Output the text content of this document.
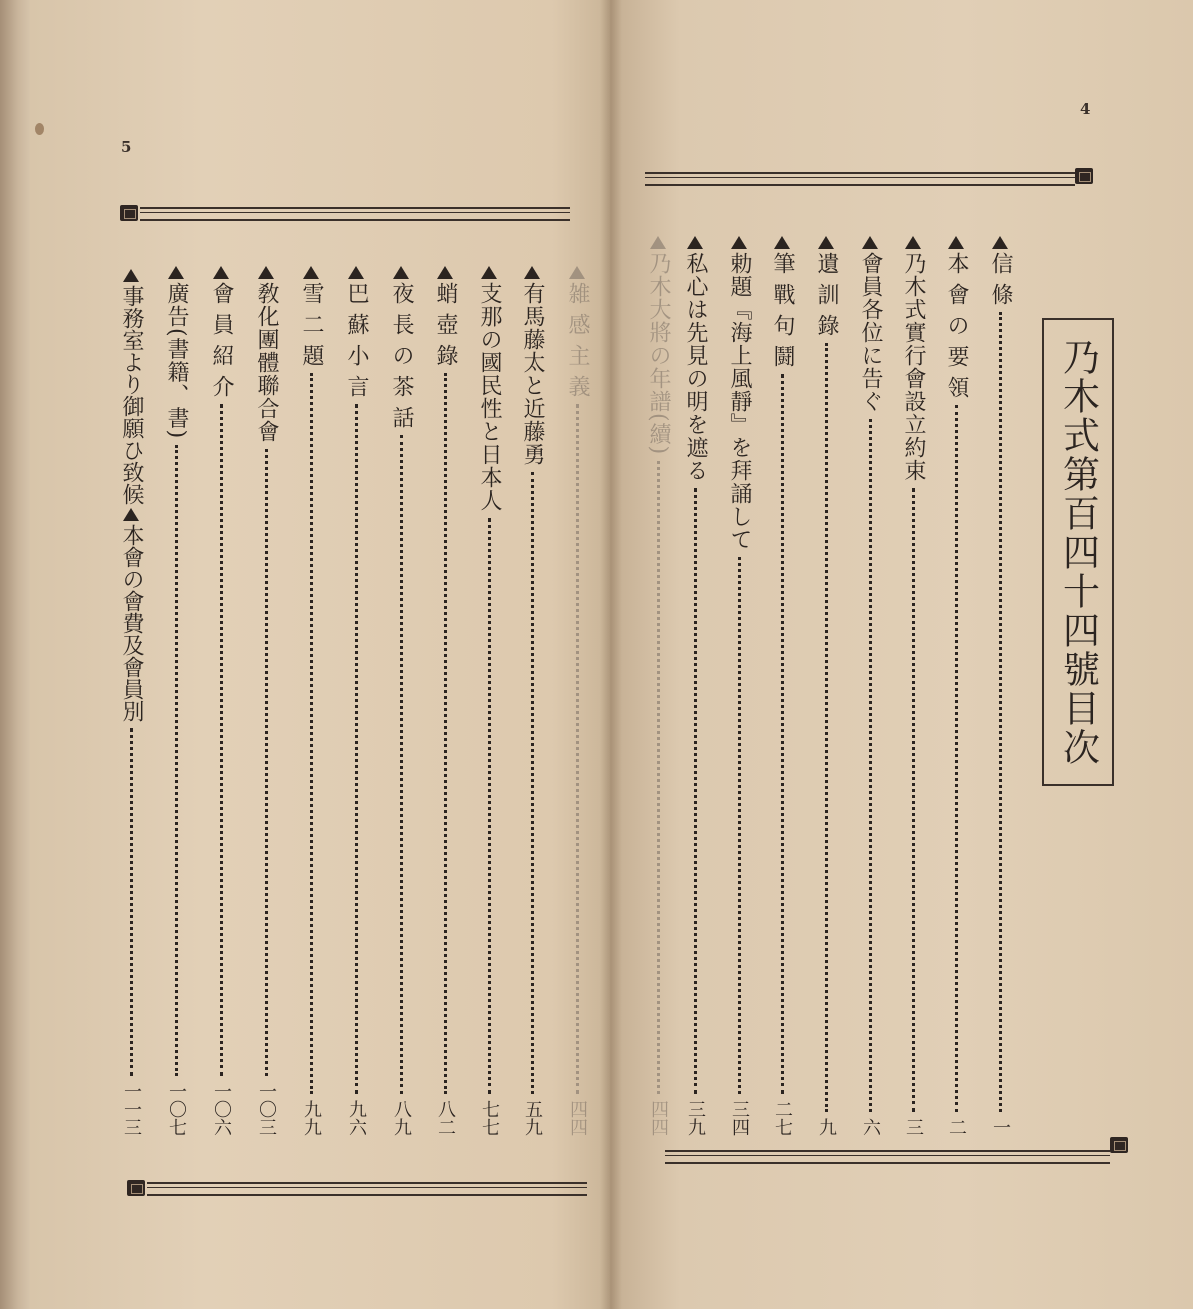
5
4
乃木式第百四十四號目次
信 條
一
本 會 の 要 領
二
乃木式實行會設立約束
三
會員各位に告ぐ
六
遺 訓 錄
九
筆 戰 句 鬪
二七
勅題『海上風靜』を拜誦して
三四
私心は先見の明を遮る
三九
乃木大將の年譜(續)
四四
雑 感 主 義
四四
有馬藤太と近藤勇
五九
支那の國民性と日本人
七七
蛸 壺 錄
八二
夜 長 の 茶 話
八九
巴 蘇 小 言
九六
雪 二 題
九九
敎化團體聯合會
一〇三
會 員 紹 介
一〇六
廣告(書籍、書)
一〇七
事務室より御願ひ致候
本會の會費及會員別
一一三
